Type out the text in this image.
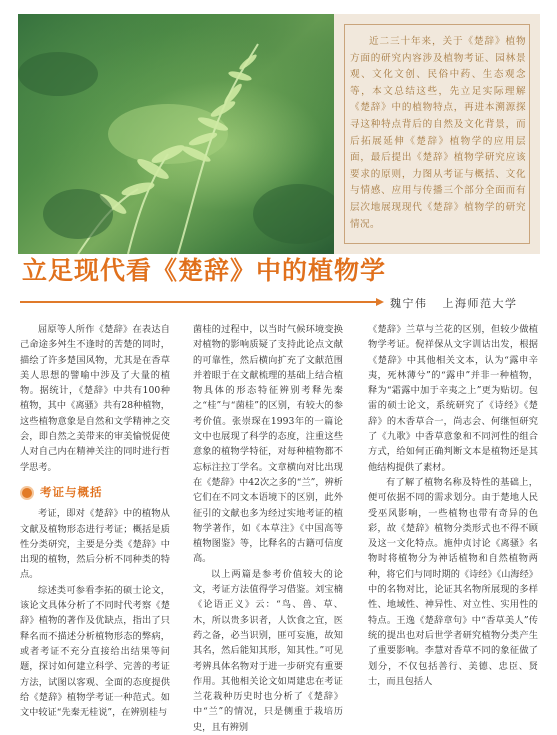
近二三十年来，关于《楚辞》植物方面的研究内容涉及植物考证、园林景观、文化文创、民俗中药、生态观念等，本文总结这些，先立足实际理解《楚辞》中的植物特点，再进本溯源探寻这种特点背后的自然及文化背景，而后拓展延伸《楚辞》植物学的应用层面，最后提出《楚辞》植物学研究应该要求的原则，力图从考证与概括、文化与情感、应用与传播三个部分全面而有层次地展现现代《楚辞》植物学的研究情况。
立足现代看《楚辞》中的植物学
魏宁伟 上海师范大学

屈原等人所作《楚辞》在表达自己命途多舛生不逢时的苦楚的同时，描绘了许多楚国风物，尤其是在香草美人思想的譬喻中涉及了大量的植物。据统计，《楚辞》中共有100种植物，其中《离骚》共有28种植物，这些植物意象是自然和文学精神之交会，即自然之美带来的审美愉悦促使人对自己内在精神关注的同时进行哲学思考。

考证与概括

考证，即对《楚辞》中的植物从文献及植物形态进行考证；概括是质性分类研究，主要是分类《楚辞》中出现的植物，然后分析不同种类的特点。

综述类可参看李拓的硕士论文，该论文具体分析了不同时代考察《楚辞》植物的著作及优缺点，指出了只释名而不描述分析植物形态的弊病，或者考证不充分直接给出结果等问题，探讨如何建立科学、完善的考证方法，试图以客观、全面的态度提供给《楚辞》植物学考证一种范式。如文中较证“先秦无桂说”，在辨别桂与

菌桂的过程中，以当时气候环境变换对植物的影响质疑了支持此论点文献的可靠性，然后横向扩充了文献范围并着眼于在文献梳理的基础上结合植物具体的形态特征辨别考释先秦之“桂”与“菌桂”的区别，有较大的参考价值。张崇琛在1993年的一篇论文中也展现了科学的态度，注重这些意象的植物学特征，对每种植物都不忘标注拉丁学名。文章横向对比出现在《楚辞》中42次之多的“兰”，辨析它们在不同文本语境下的区别，此外征引的文献也多为经过实地考证的植物学著作，如《本草注》《中国高等植物图鉴》等，比释名的古籍可信度高。

以上两篇是参考价值较大的论文，考证方法值得学习借鉴。刘宝楠《论语正义》云：“鸟、兽、草、木，所以贵多识者，人饮食之宜，医药之备，必当识别，匪可妄施，故知其名，然后能知其形，知其性。”可见考辨具体名物对于进一步研究有重要作用。其他相关论文如周建忠在考证兰花栽种历史时也分析了《楚辞》中“兰”的情况，只是侧重于栽培历史，且有辨别

《楚辞》兰草与兰花的区别，但较少做植物学考证。倪祥保从文字训诂出发，根据《楚辞》中其他相关文本，认为“露申辛夷，死林薄兮”的“露申”并非一种植物，释为“霜露中加于辛夷之上”更为贴切。包雷的硕士论文，系统研究了《诗经》《楚辞》的木香草合一，尚志会、何继恒研究了《九歌》中香草意象和不同河性的组合方式，给如何正确判断文本是植物还是其他结构提供了素材。

有了解了植物名称及特性的基础上，便可依据不同的需求划分。由于楚地人民受巫风影响，一些植物也带有奇异的色彩，故《楚辞》植物分类形式也不得不顾及这一文化特点。施仲贞讨论《离骚》名物时将植物分为神话植物和自然植物两种，将它们与同时期的《诗经》《山海经》中的名物对比，论证其名物所展现的多样性、地域性、神异性、对立性、实用性的特点。王逸《楚辞章句》中“香草美人”传统的提出也对后世学者研究植物分类产生了重要影响。李慧对香草不同的象征做了划分，不仅包括善行、美德、忠臣、贤士，而且包括人
